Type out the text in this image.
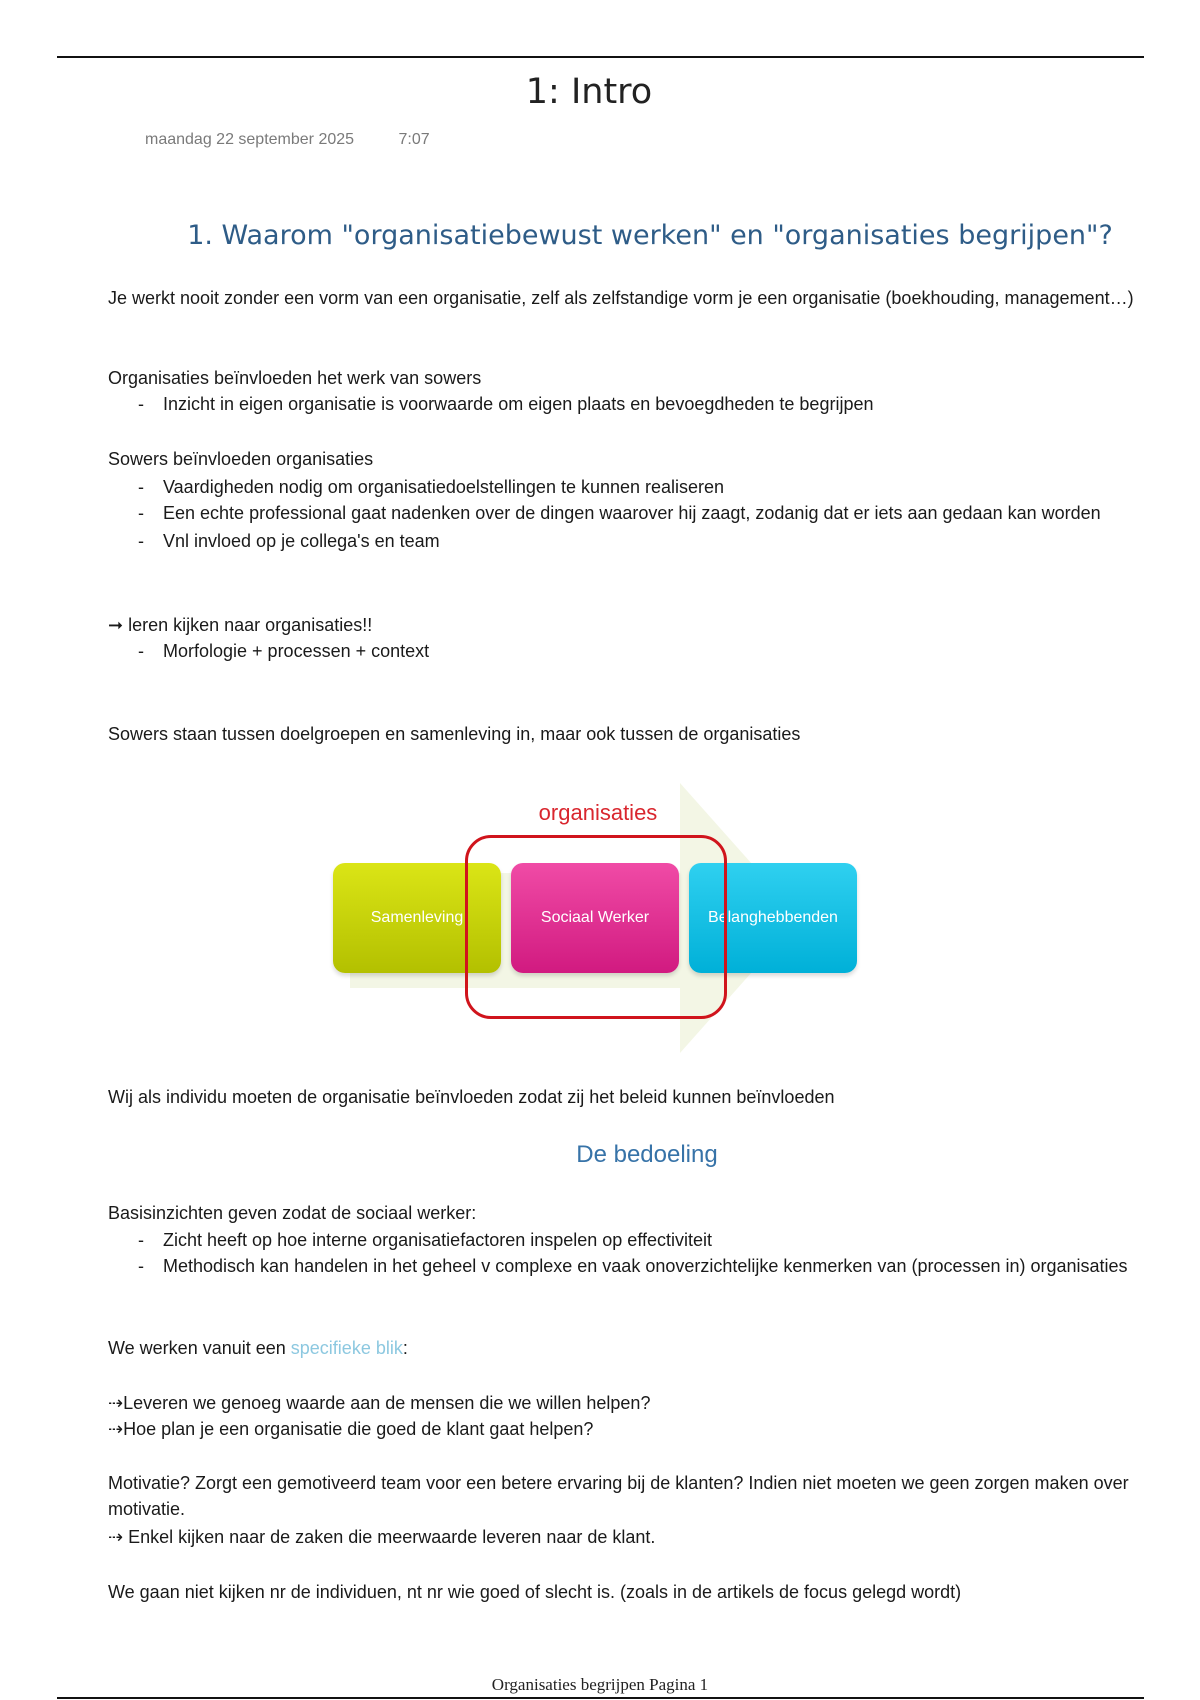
1: Intro
maandag 22 september 2025	7:07
1. Waarom "organisatiebewust werken" en "organisaties begrijpen"?
Je werkt nooit zonder een vorm van een organisatie, zelf als zelfstandige vorm je een organisatie (boekhouding, management…)
Organisaties beïnvloeden het werk van sowers
- Inzicht in eigen organisatie is voorwaarde om eigen plaats en bevoegdheden te begrijpen
Sowers beïnvloeden organisaties
- Vaardigheden nodig om organisatiedoelstellingen te kunnen realiseren
- Een echte professional gaat nadenken over de dingen waarover hij zaagt, zodanig dat er iets aan gedaan kan worden
- Vnl invloed op je collega's en team
➞ leren kijken naar organisaties!!
- Morfologie + processen + context
Sowers staan tussen doelgroepen en samenleving in, maar ook tussen de organisaties
organisaties
Samenleving	Sociaal Werker	Belanghebbenden
Wij als individu moeten de organisatie beïnvloeden zodat zij het beleid kunnen beïnvloeden
De bedoeling
Basisinzichten geven zodat de sociaal werker:
- Zicht heeft op hoe interne organisatiefactoren inspelen op effectiviteit
- Methodisch kan handelen in het geheel v complexe en vaak onoverzichtelijke kenmerken van (processen in) organisaties
We werken vanuit een specifieke blik:
⇢Leveren we genoeg waarde aan de mensen die we willen helpen?
⇢Hoe plan je een organisatie die goed de klant gaat helpen?
Motivatie? Zorgt een gemotiveerd team voor een betere ervaring bij de klanten? Indien niet moeten we geen zorgen maken over motivatie.
⇢ Enkel kijken naar de zaken die meerwaarde leveren naar de klant.
We gaan niet kijken nr de individuen, nt nr wie goed of slecht is. (zoals in de artikels de focus gelegd wordt)
Organisaties begrijpen Pagina 1
